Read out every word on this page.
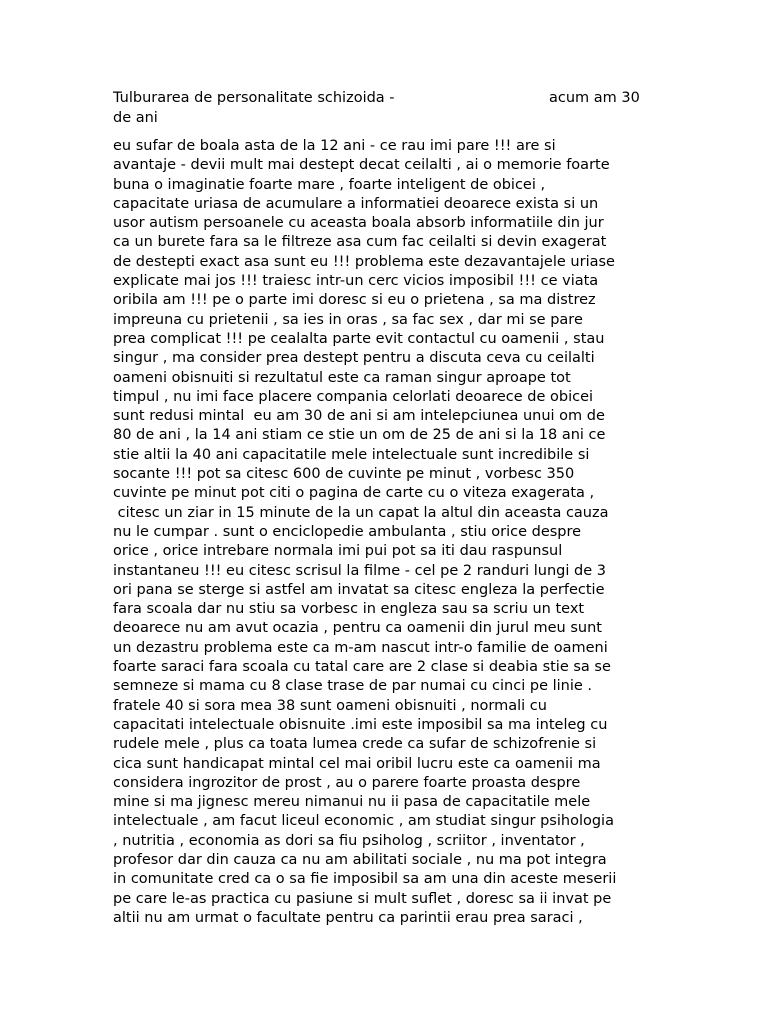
Tulburarea de personalitate schizoida -	acum am 30
de ani
eu sufar de boala asta de la 12 ani - ce rau imi pare !!! are si
avantaje - devii mult mai destept decat ceilalti , ai o memorie foarte
buna o imaginatie foarte mare , foarte inteligent de obicei ,
capacitate uriasa de acumulare a informatiei deoarece exista si un
usor autism persoanele cu aceasta boala absorb informatiile din jur
ca un burete fara sa le filtreze asa cum fac ceilalti si devin exagerat
de destepti exact asa sunt eu !!! problema este dezavantajele uriase
explicate mai jos !!! traiesc intr-un cerc vicios imposibil !!! ce viata
oribila am !!! pe o parte imi doresc si eu o prietena , sa ma distrez
impreuna cu prietenii , sa ies in oras , sa fac sex , dar mi se pare
prea complicat !!! pe cealalta parte evit contactul cu oamenii , stau
singur , ma consider prea destept pentru a discuta ceva cu ceilalti
oameni obisnuiti si rezultatul este ca raman singur aproape tot
timpul , nu imi face placere compania celorlati deoarece de obicei
sunt redusi mintal  eu am 30 de ani si am intelepciunea unui om de
80 de ani , la 14 ani stiam ce stie un om de 25 de ani si la 18 ani ce
stie altii la 40 ani capacitatile mele intelectuale sunt incredibile si
socante !!! pot sa citesc 600 de cuvinte pe minut , vorbesc 350
cuvinte pe minut pot citi o pagina de carte cu o viteza exagerata ,
citesc un ziar in 15 minute de la un capat la altul din aceasta cauza
nu le cumpar . sunt o enciclopedie ambulanta , stiu orice despre
orice , orice intrebare normala imi pui pot sa iti dau raspunsul
instantaneu !!! eu citesc scrisul la filme - cel pe 2 randuri lungi de 3
ori pana se sterge si astfel am invatat sa citesc engleza la perfectie
fara scoala dar nu stiu sa vorbesc in engleza sau sa scriu un text
deoarece nu am avut ocazia , pentru ca oamenii din jurul meu sunt
un dezastru problema este ca m-am nascut intr-o familie de oameni
foarte saraci fara scoala cu tatal care are 2 clase si deabia stie sa se
semneze si mama cu 8 clase trase de par numai cu cinci pe linie .
fratele 40 si sora mea 38 sunt oameni obisnuiti , normali cu
capacitati intelectuale obisnuite .imi este imposibil sa ma inteleg cu
rudele mele , plus ca toata lumea crede ca sufar de schizofrenie si
cica sunt handicapat mintal cel mai oribil lucru este ca oamenii ma
considera ingrozitor de prost , au o parere foarte proasta despre
mine si ma jignesc mereu nimanui nu ii pasa de capacitatile mele
intelectuale , am facut liceul economic , am studiat singur psihologia
, nutritia , economia as dori sa fiu psiholog , scriitor , inventator ,
profesor dar din cauza ca nu am abilitati sociale , nu ma pot integra
in comunitate cred ca o sa fie imposibil sa am una din aceste meserii
pe care le-as practica cu pasiune si mult suflet , doresc sa ii invat pe
altii nu am urmat o facultate pentru ca parintii erau prea saraci ,
